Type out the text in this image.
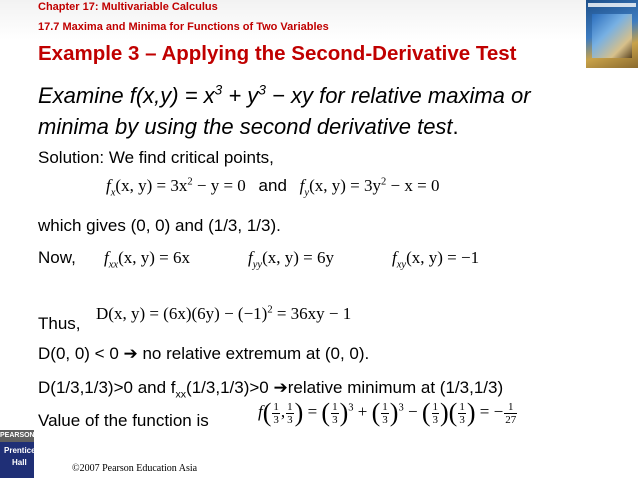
Chapter 17: Multivariable Calculus
17.7 Maxima and Minima for Functions of Two Variables
Example 3 – Applying the Second-Derivative Test
Examine $f(x,y) = x^3 + y^3$ − xy for relative maxima or minima by using the second derivative test.
Solution: We find critical points,
$f_x(x$, $y) = 3x^2 - y = 0$ and $f_y(x$, $y) = 3y^2 - x = 0$
which gives (0, 0) and (1/3, 1/3).
Now, $f_{xx}(x$, y) = 6x	$f_{yy}(x$, y) = 6y	$f_{xy}(x$, y) = −1
Thus,
D(x, $y) = (6x)(6y) - (-1)^2 = 36xy - 1$
D(0, 0) < 0 ➔ no relative extremum at (0, 0).
D(1/3,1/3)>0 and $f_{xx}(1/3,1/3)>0$ ➔relative minimum at (1/3,1/3)
Value of the function is	$f( \frac{1}{3}$ , $\frac{1}{3}$ ) = ( $\frac{1}{3} )^3$ + ( $\frac{1}{3} )^3$ − ( $\frac{1}{3}$ )( $\frac{1}{3}$ ) = − $\frac{1}{27}$
PEARSON
Prentice
Hall
©2007 Pearson Education Asia
